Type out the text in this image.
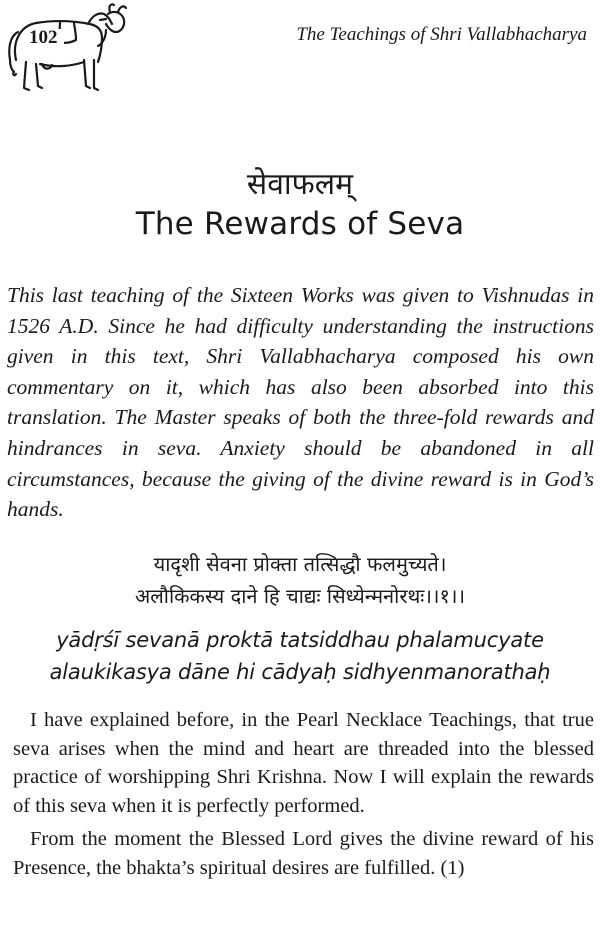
102	The Teachings of Shri Vallabhacharya
सेवाफलम्
The Rewards of Seva

This last teaching of the Sixteen Works was given to Vishnudas in 1526 A.D. Since he had difficulty understanding the instructions given in this text, Shri Vallabhacharya composed his own commentary on it, which has also been absorbed into this translation. The Master speaks of both the three-fold rewards and hindrances in seva. Anxiety should be abandoned in all circumstances, because the giving of the divine reward is in God’s hands.

यादृशी सेवना प्रोक्ता तत्सिद्धौ फलमुच्यते।
अलौकिकस्य दाने हि चाद्यः सिध्येन्मनोरथः।।१।।
yādṛśī sevanā proktā tatsiddhau phalamucyate
alaukikasya dāne hi cādyaḥ sidhyenmanorathaḥ

I have explained before, in the Pearl Necklace Teachings, that true seva arises when the mind and heart are threaded into the blessed practice of worshipping Shri Krishna. Now I will explain the rewards of this seva when it is perfectly performed.

From the moment the Blessed Lord gives the divine reward of his Presence, the bhakta’s spiritual desires are fulfilled. (1)
